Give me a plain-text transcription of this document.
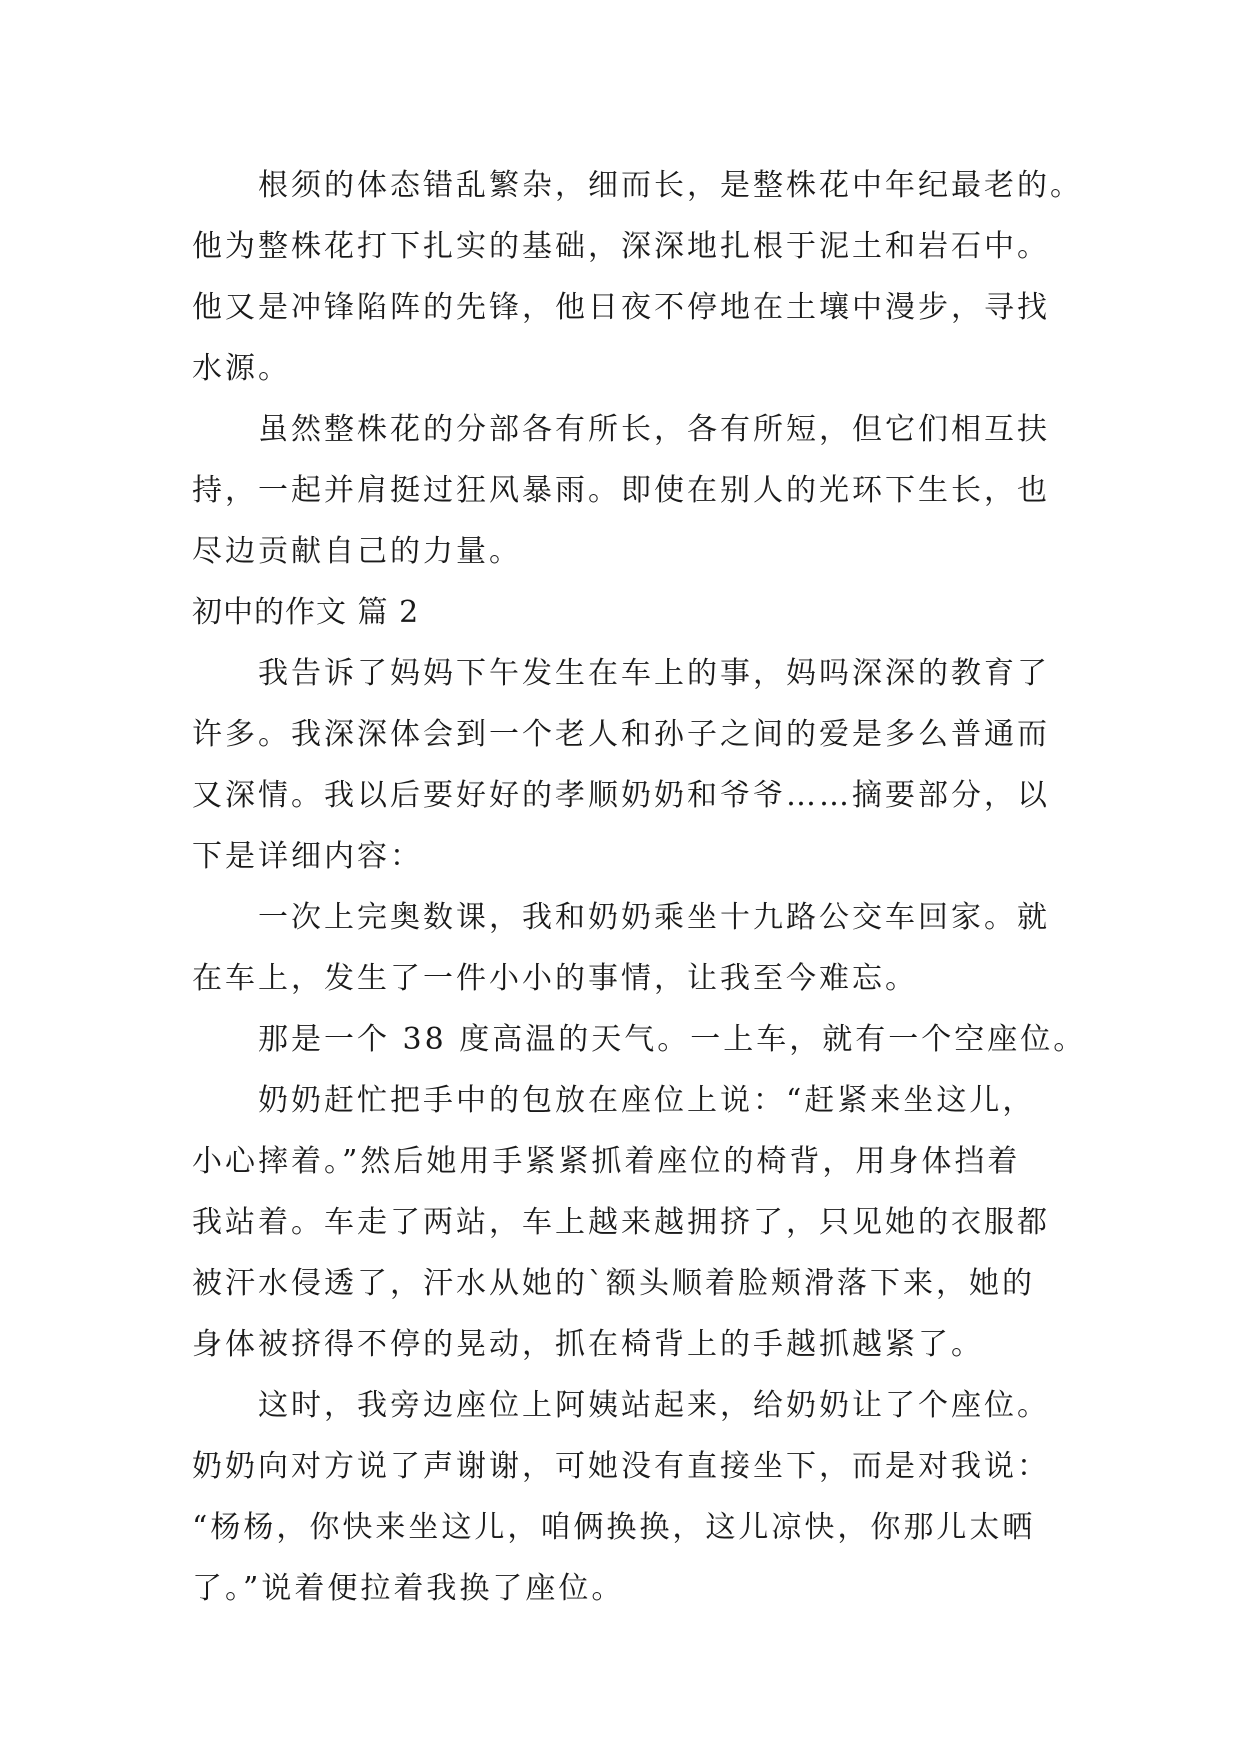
根须的体态错乱繁杂，细而长，是整株花中年纪最老的。
他为整株花打下扎实的基础，深深地扎根于泥土和岩石中。
他又是冲锋陷阵的先锋，他日夜不停地在土壤中漫步，寻找
水源。
虽然整株花的分部各有所长，各有所短，但它们相互扶
持，一起并肩挺过狂风暴雨。即使在别人的光环下生长，也
尽边贡献自己的力量。
初中的作文 篇 2
我告诉了妈妈下午发生在车上的事，妈吗深深的教育了
许多。我深深体会到一个老人和孙子之间的爱是多么普通而
又深情。我以后要好好的孝顺奶奶和爷爷……摘要部分，以
下是详细内容：
一次上完奥数课，我和奶奶乘坐十九路公交车回家。就
在车上，发生了一件小小的事情，让我至今难忘。
那是一个 38 度高温的天气。一上车，就有一个空座位。
奶奶赶忙把手中的包放在座位上说：“赶紧来坐这儿，
小心摔着。”然后她用手紧紧抓着座位的椅背，用身体挡着
我站着。车走了两站，车上越来越拥挤了，只见她的衣服都
被汗水侵透了，汗水从她的`额头顺着脸颊滑落下来，她的
身体被挤得不停的晃动，抓在椅背上的手越抓越紧了。
这时，我旁边座位上阿姨站起来，给奶奶让了个座位。
奶奶向对方说了声谢谢，可她没有直接坐下，而是对我说：
“杨杨，你快来坐这儿，咱俩换换，这儿凉快，你那儿太晒
了。”说着便拉着我换了座位。
